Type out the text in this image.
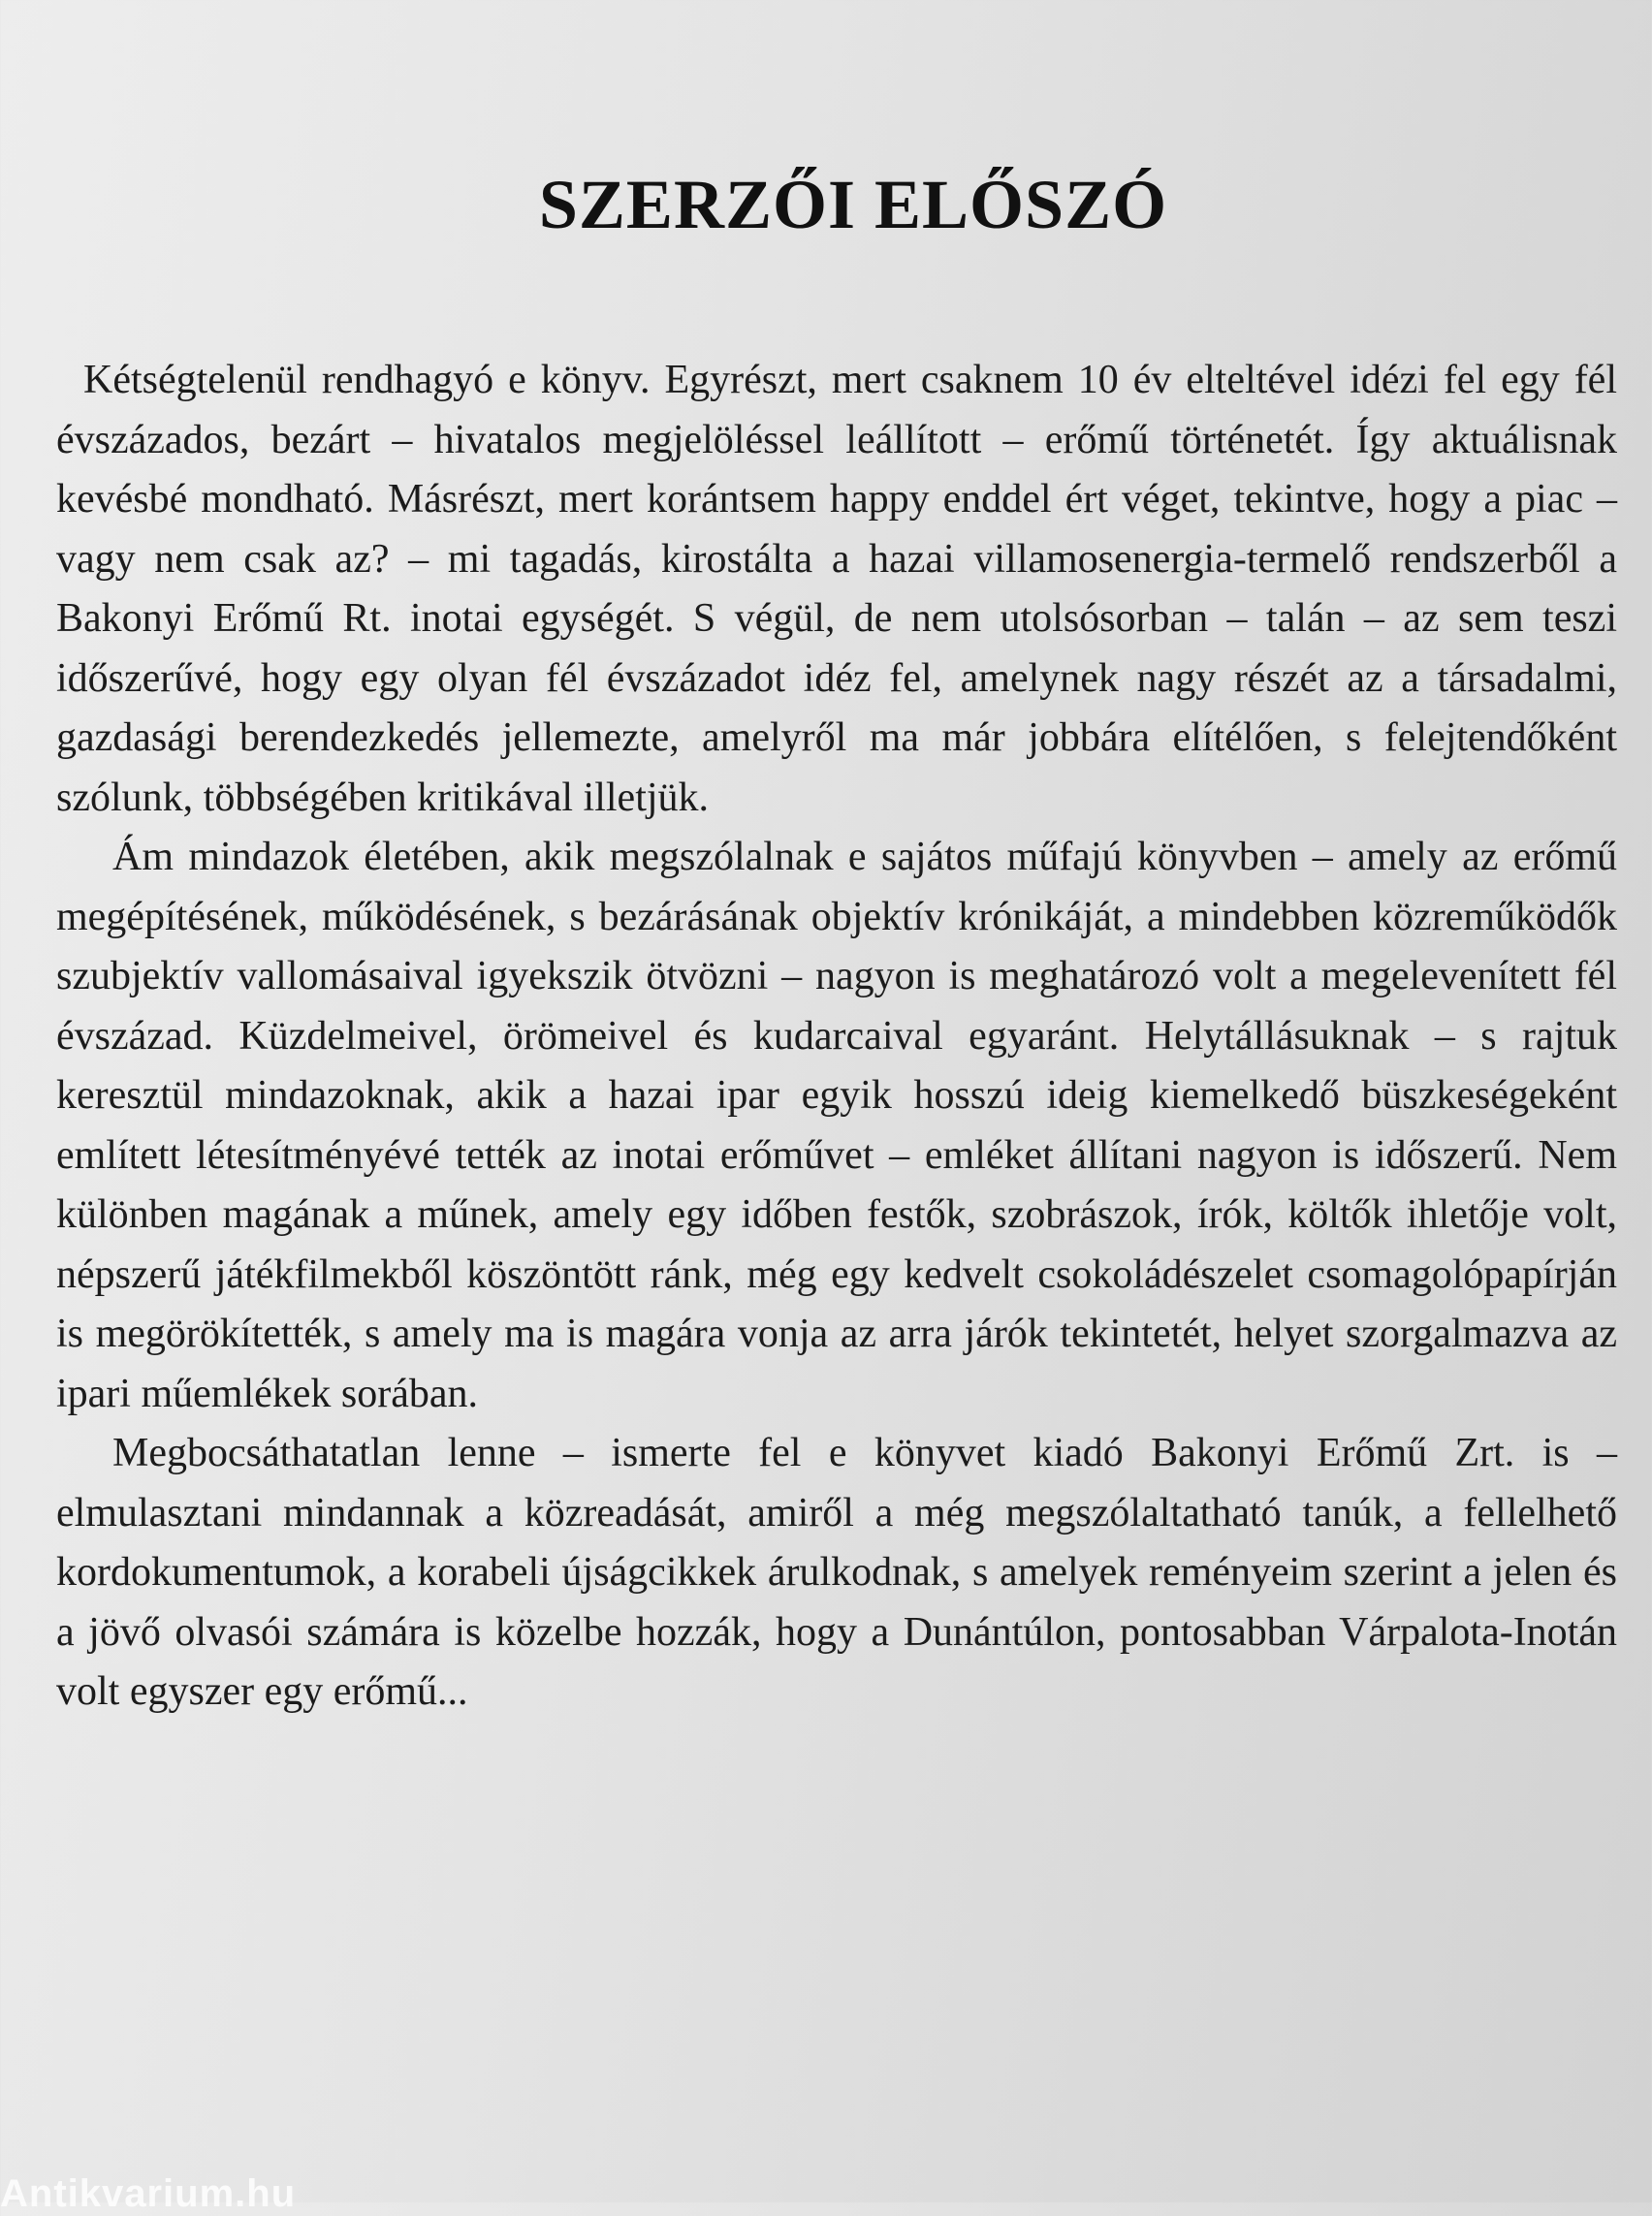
SZERZŐI ELŐSZÓ

Kétségtelenül rendhagyó e könyv. Egyrészt, mert csaknem 10 év elteltével idézi fel egy fél évszázados, bezárt – hivatalos megjelöléssel leállított – erőmű történetét. Így aktuálisnak kevésbé mondható. Másrészt, mert korántsem happy enddel ért véget, tekintve, hogy a piac – vagy nem csak az? – mi tagadás, kirostálta a hazai villamosenergia-termelő rendszerből a Bakonyi Erőmű Rt. inotai egységét. S végül, de nem utolsósorban – talán – az sem teszi időszerűvé, hogy egy olyan fél évszázadot idéz fel, amelynek nagy részét az a társadalmi, gazdasági berendezkedés jellemezte, amelyről ma már jobbára elítélően, s felejtendőként szólunk, többségében kritikával illetjük.

Ám mindazok életében, akik megszólalnak e sajátos műfajú könyvben – amely az erőmű megépítésének, működésének, s bezárásának objektív krónikáját, a mindebben közreműködők szubjektív vallomásaival igyekszik ötvözni – nagyon is meghatározó volt a megelevenített fél évszázad. Küzdelmeivel, örömeivel és kudarcaival egyaránt. Helytállásuknak – s rajtuk keresztül mindazoknak, akik a hazai ipar egyik hosszú ideig kiemelkedő büszkeségeként említett létesítményévé tették az inotai erőművet – emléket állítani nagyon is időszerű. Nem különben magának a műnek, amely egy időben festők, szobrászok, írók, költők ihletője volt, népszerű játékfilmekből köszöntött ránk, még egy kedvelt csokoládészelet csomagolópapírján is megörökítették, s amely ma is magára vonja az arra járók tekintetét, helyet szorgalmazva az ipari műemlékek sorában.

Megbocsáthatatlan lenne – ismerte fel e könyvet kiadó Bakonyi Erőmű Zrt. is – elmulasztani mindannak a közreadását, amiről a még megszólaltatható tanúk, a fellelhető kordokumentumok, a korabeli újságcikkek árulkodnak, s amelyek reményeim szerint a jelen és a jövő olvasói számára is közelbe hozzák, hogy a Dunántúlon, pontosabban Várpalota-Inotán volt egyszer egy erőmű...

Antikvarium.hu
